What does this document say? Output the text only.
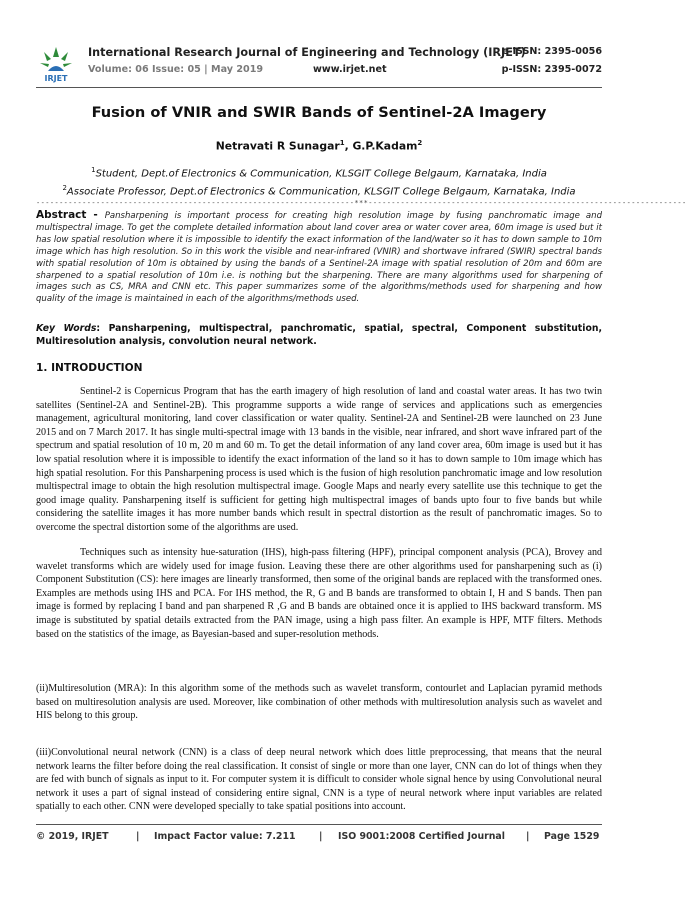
IRJET
International Research Journal of Engineering and Technology (IRJET)
e-ISSN: 2395-0056
Volume: 06 Issue: 05 | May 2019	www.irjet.net	p-ISSN: 2395-0072
Fusion of VNIR and SWIR Bands of Sentinel-2A Imagery
Netravati R Sunagar$^1$, G.P.Kadam$^2$
$^1$Student, Dept.of Electronics & Communication, KLSGIT College Belgaum, Karnataka, India
$^2$Associate Professor, Dept.of Electronics & Communication, KLSGIT College Belgaum, Karnataka, India
---------------------------------------------------------------------***---------------------------------------------------------------------
Abstract - Pansharpening is important process for creating high resolution image by fusing panchromatic image and multispectral image. To get the complete detailed information about land cover area or water cover area, 60m image is used but it has low spatial resolution where it is impossible to identify the exact information of the land/water so it has to down sample to 10m image which has high resolution. So in this work the visible and near-infrared (VNIR) and shortwave infrared (SWIR) spectral bands with spatial resolution of 10m is obtained by using the bands of a Sentinel-2A image with spatial resolution of 20m and 60m are sharpened to a spatial resolution of 10m i.e. is nothing but the sharpening. There are many algorithms used for sharpening of images such as CS, MRA and CNN etc. This paper summarizes some of the algorithms/methods used for sharpening and how quality of the image is maintained in each of the algorithms/methods used.
Key Words: Pansharpening, multispectral, panchromatic, spatial, spectral, Component substitution, Multiresolution analysis, convolution neural network.
1. INTRODUCTION

Sentinel-2 is Copernicus Program that has the earth imagery of high resolution of land and coastal water areas. It has two twin satellites (Sentinel-2A and Sentinel-2B). This programme supports a wide range of services and applications such as emergencies management, agricultural monitoring, land cover classification or water quality. Sentinel-2A and Sentinel-2B were launched on 23 June 2015 and on 7 March 2017. It has single multi-spectral image with 13 bands in the visible, near infrared, and short wave infrared part of the spectrum and spatial resolution of 10 m, 20 m and 60 m. To get the detail information of any land cover area, 60m image is used but it has low spatial resolution where it is impossible to identify the exact information of the land so it has to down sample to 10m image which has high spatial resolution. For this Pansharpening process is used which is the fusion of high resolution panchromatic image and low resolution multispectral image to obtain the high resolution multispectral image. Google Maps and nearly every satellite use this technique to get the good image quality. Pansharpening itself is sufficient for getting high multispectral images of bands upto four to five bands but while considering the satellite images it has more number bands which result in spectral distortion as the result of panchromatic images. So to overcome the spectral distortion some of the algorithms are used.

Techniques such as intensity hue-saturation (IHS), high-pass filtering (HPF), principal component analysis (PCA), Brovey and wavelet transforms which are widely used for image fusion. Leaving these there are other algorithms used for pansharpening such as (i) Component Substitution (CS): here images are linearly transformed, then some of the original bands are replaced with the transformed ones. Examples are methods using IHS and PCA. For IHS method, the R, G and B bands are transformed to obtain I, H and S bands. Then pan image is formed by replacing I band and pan sharpened R ,G and B bands are obtained once it is applied to IHS backward transform. MS image is substituted by spatial details extracted from the PAN image, using a high pass filter. An example is HPF, MTF filters. Methods based on the statistics of the image, as Bayesian-based and super-resolution methods.

(ii)Multiresolution (MRA): In this algorithm some of the methods such as wavelet transform, contourlet and Laplacian pyramid methods based on multiresolution analysis are used. Moreover, like combination of other methods with multiresolution analysis such as wavelet and HIS belong to this group.

(iii)Convolutional neural network (CNN) is a class of deep neural network which does little preprocessing, that means that the neural network learns the filter before doing the real classification. It consist of single or more than one layer, CNN can do lot of things when they are fed with bunch of signals as input to it. For computer system it is difficult to consider whole signal hence by using Convolutional neural network it uses a part of signal instead of considering entire signal, CNN is a type of neural network where input variables are related spatially to each other. CNN were developed specially to take spatial positions into account.

© 2019, IRJET	| Impact Factor value: 7.211	| ISO 9001:2008 Certified Journal | Page 1529
